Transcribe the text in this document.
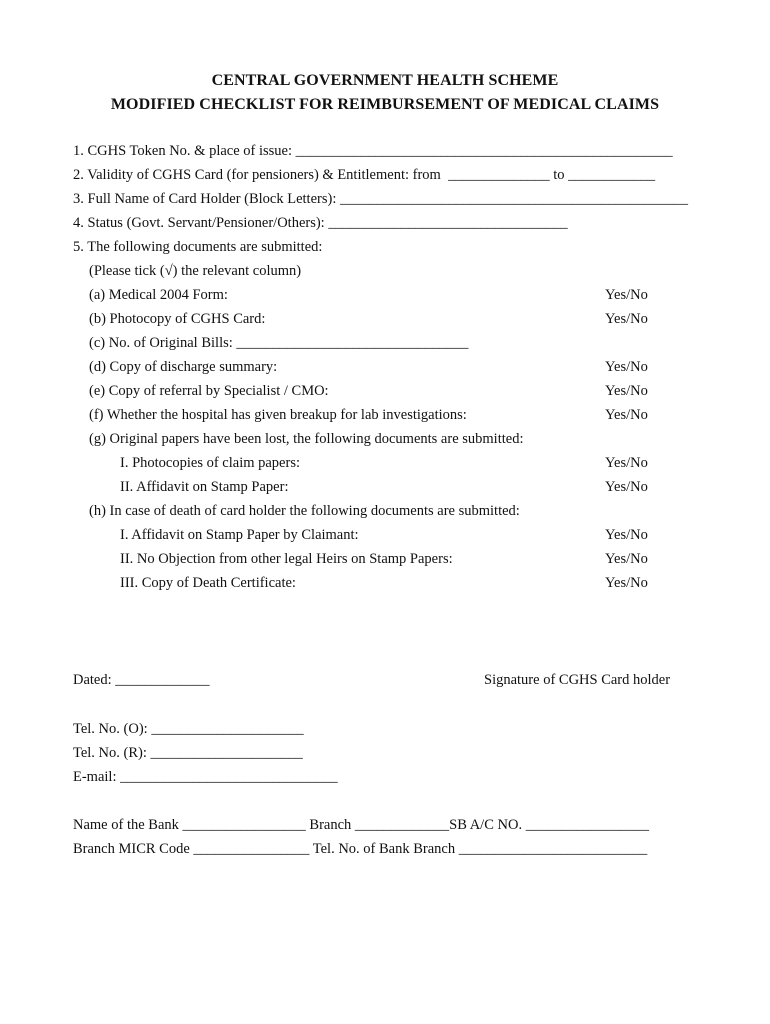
CENTRAL GOVERNMENT HEALTH SCHEME
MODIFIED CHECKLIST FOR REIMBURSEMENT OF MEDICAL CLAIMS
1. CGHS Token No. & place of issue: ____________________________________________________
2. Validity of CGHS Card (for pensioners) & Entitlement: from  ______________ to ____________
3. Full Name of Card Holder (Block Letters): ________________________________________________
4. Status (Govt. Servant/Pensioner/Others): _________________________________
5. The following documents are submitted:
(Please tick (√) the relevant column)
(a) Medical 2004 Form:	Yes/No
(b) Photocopy of CGHS Card:	Yes/No
(c) No. of Original Bills: ________________________________
(d) Copy of discharge summary:	Yes/No
(e) Copy of referral by Specialist / CMO:	Yes/No
(f) Whether the hospital has given breakup for lab investigations:	Yes/No
(g) Original papers have been lost, the following documents are submitted:
I. Photocopies of claim papers:	Yes/No
II. Affidavit on Stamp Paper:	Yes/No
(h) In case of death of card holder the following documents are submitted:
I. Affidavit on Stamp Paper by Claimant:	Yes/No
II. No Objection from other legal Heirs on Stamp Papers:	Yes/No
III. Copy of Death Certificate:	Yes/No
Dated: _____________	Signature of CGHS Card holder
Tel. No. (O): _____________________
Tel. No. (R): _____________________
E-mail: ______________________________
Name of the Bank _________________ Branch _____________SB A/C NO. _________________
Branch MICR Code ________________ Tel. No. of Bank Branch __________________________
